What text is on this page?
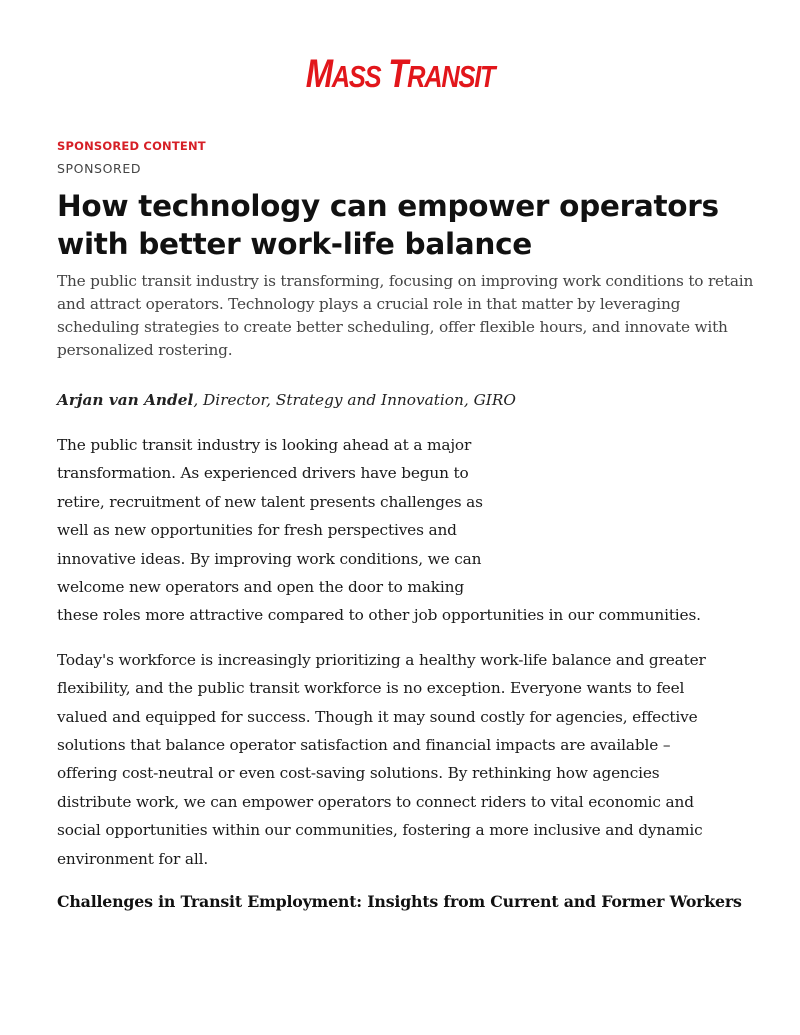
MASS TRANSIT

SPONSORED CONTENT

SPONSORED

How technology can empower operators with better work-life balance

The public transit industry is transforming, focusing on improving work conditions to retain and attract operators. Technology plays a crucial role in that matter by leveraging scheduling strategies to create better scheduling, offer flexible hours, and innovate with personalized rostering.

Arjan van Andel, Director, Strategy and Innovation, GIRO

The public transit industry is looking ahead at a major
transformation. As experienced drivers have begun to
retire, recruitment of new talent presents challenges as
well as new opportunities for fresh perspectives and
innovative ideas. By improving work conditions, we can
welcome new operators and open the door to making
these roles more attractive compared to other job opportunities in our communities.

Today's workforce is increasingly prioritizing a healthy work-life balance and greater
flexibility, and the public transit workforce is no exception. Everyone wants to feel
valued and equipped for success. Though it may sound costly for agencies, effective
solutions that balance operator satisfaction and financial impacts are available –
offering cost-neutral or even cost-saving solutions. By rethinking how agencies
distribute work, we can empower operators to connect riders to vital economic and
social opportunities within our communities, fostering a more inclusive and dynamic
environment for all.

Challenges in Transit Employment: Insights from Current and Former Workers
